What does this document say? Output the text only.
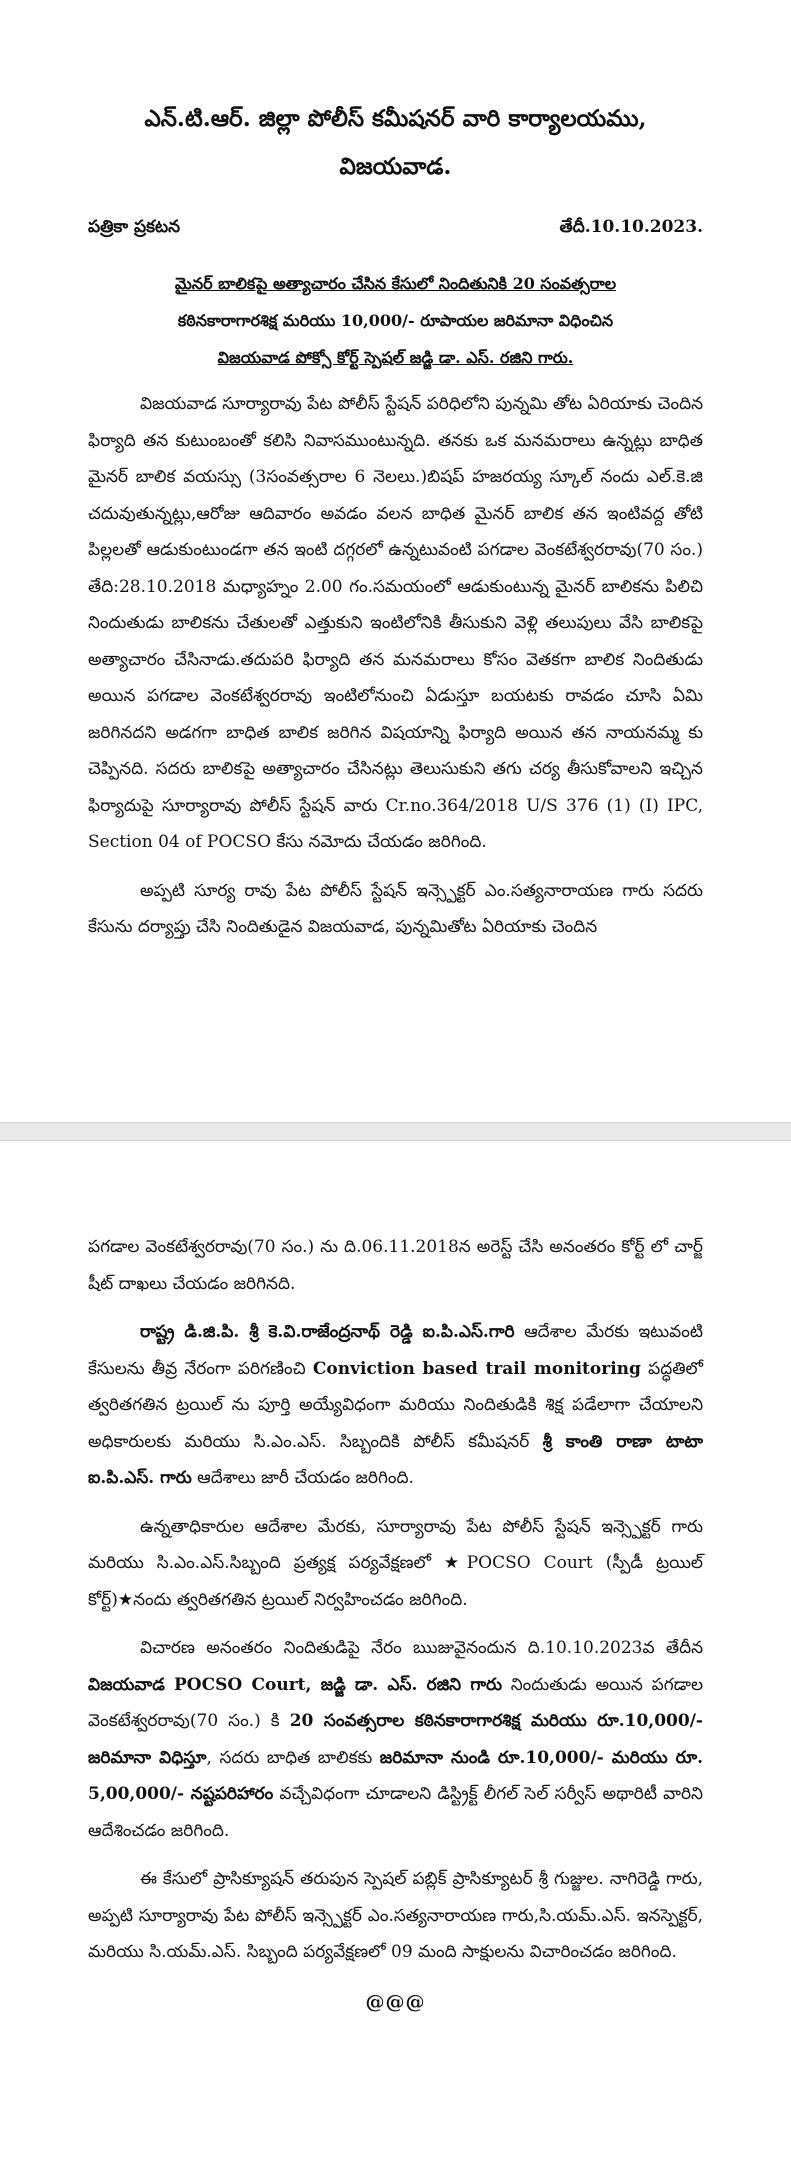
ఎన్.టి.ఆర్. జిల్లా పోలీస్ కమీషనర్ వారి కార్యాలయము,
విజయవాడ.
పత్రికా ప్రకటన	తేదీ.10.10.2023.
మైనర్ బాలికపై అత్యాచారం చేసిన కేసులో నిందితునికి 20 సంవత్సరాల
కఠినకారాగారశిక్ష మరియు 10,000/- రూపాయల జరిమానా విధించిన
విజయవాడ పోక్సో కోర్ట్ స్పెషల్ జడ్జి డా. ఎస్. రజిని గారు.

విజయవాడ సూర్యారావు పేట పోలీస్ స్టేషన్ పరిధిలోని పున్నమి తోట ఏరియాకు చెందిన ఫిర్యాది తన కుటుంబంతో కలిసి నివాసముంటున్నది. తనకు ఒక మనమరాలు ఉన్నట్లు బాధిత మైనర్ బాలిక వయస్సు (3సంవత్సరాల 6 నెలలు.)బిషప్ హజరయ్య స్కూల్ నందు ఎల్.కె.జి చదువుతున్నట్లు,ఆరోజు ఆదివారం అవడం వలన బాధిత మైనర్ బాలిక తన ఇంటివద్ద తోటి పిల్లలతో ఆడుకుంటుండగా తన ఇంటి దగ్గరలో ఉన్నటువంటి పగడాల వెంకటేశ్వరరావు(70 సం.) తేది:28.10.2018 మధ్యాహ్నం 2.00 గం.సమయంలో ఆడుకుంటున్న మైనర్ బాలికను పిలిచి నిందుతుడు బాలికను చేతులతో ఎత్తుకుని ఇంటిలోనికి తీసుకుని వెళ్లి తలుపులు వేసి బాలికపై అత్యాచారం చేసినాడు.తదుపరి ఫిర్యాది తన మనమరాలు కోసం వెతకగా బాలిక నిందితుడు అయిన పగడాల వెంకటేశ్వరరావు ఇంటిలోనుంచి ఏడుస్తూ బయటకు రావడం చూసి ఏమి జరిగినదని అడగగా బాధిత బాలిక జరిగిన విషయాన్ని ఫిర్యాది అయిన తన నాయనమ్మ కు చెప్పినది. సదరు బాలికపై అత్యాచారం చేసినట్లు తెలుసుకుని తగు చర్య తీసుకోవాలని ఇచ్చిన ఫిర్యాదుపై సూర్యారావు పోలీస్ స్టేషన్ వారు Cr.no.364/2018 U/S 376 (1) (I) IPC, Section 04 of POCSO కేసు నమోదు చేయడం జరిగింది.

అప్పటి సూర్య రావు పేట పోలీస్ స్టేషన్ ఇన్స్పెక్టర్ ఎం.సత్యనారాయణ గారు సదరు కేసును దర్యాప్తు చేసి నిందితుడైన విజయవాడ, పున్నమితోట ఏరియాకు చెందిన

పగడాల వెంకటేశ్వరరావు(70 సం.) ను ది.06.11.2018న అరెస్ట్ చేసి అనంతరం కోర్ట్ లో చార్జ్ షీట్ దాఖలు చేయడం జరిగినది.

రాష్ట్ర డి.జి.పి. శ్రీ కె.వి.రాజేంద్రనాథ్ రెడ్డి ఐ.పి.ఎస్.గారి ఆదేశాల మేరకు ఇటువంటి కేసులను తీవ్ర నేరంగా పరిగణించి Conviction based trail monitoring పద్ధతిలో త్వరితగతిన ట్రయిల్ ను పూర్తి అయ్యేవిధంగా మరియు నిందితుడికి శిక్ష పడేలాగా చేయాలని అధికారులకు మరియు సి.ఎం.ఎస్. సిబ్బందికి పోలీస్ కమీషనర్ శ్రీ కాంతి రాణా టాటా ఐ.పి.ఎస్. గారు ఆదేశాలు జారీ చేయడం జరిగింది.

ఉన్నతాధికారుల ఆదేశాల మేరకు, సూర్యారావు పేట పోలీస్ స్టేషన్ ఇన్స్పెక్టర్ గారు మరియు సి.ఎం.ఎస్.సిబ్బంది ప్రత్యక్ష పర్యవేక్షణలో ★POCSO Court (స్పీడీ ట్రయిల్ కోర్ట్)★నందు త్వరితగతిన ట్రయిల్ నిర్వహించడం జరిగింది.

విచారణ అనంతరం నిందితుడిపై నేరం ఋజువైనందున ది.10.10.2023వ తేదీన విజయవాడ POCSO Court, జడ్జి డా. ఎస్. రజిని గారు నిందుతుడు అయిన పగడాల వెంకటేశ్వరరావు(70 సం.) కి 20 సంవత్సరాల కఠినకారాగారశిక్ష మరియు రూ.10,000/- జరిమానా విధిస్తూ, సదరు బాధిత బాలికకు జరిమానా నుండి రూ.10,000/- మరియు రూ. 5,00,000/- నష్టపరిహారం వచ్చేవిధంగా చూడాలని డిస్ట్రిక్ట్ లీగల్ సెల్ సర్వీస్ అథారిటీ వారిని ఆదేశించడం జరిగింది.

ఈ కేసులో ప్రాసిక్యూషన్ తరుపున స్పెషల్ పబ్లిక్ ప్రాసిక్యూటర్ శ్రీ గుజ్జుల. నాగిరెడ్డి గారు, అప్పటి సూర్యారావు పేట పోలీస్ ఇన్స్పెక్టర్ ఎం.సత్యనారాయణ గారు,సి.యమ్.ఎస్. ఇనస్పెక్టర్, మరియు సి.యమ్.ఎస్. సిబ్బంది పర్యవేక్షణలో 09 మంది సాక్షులను విచారించడం జరిగింది.

@@@
